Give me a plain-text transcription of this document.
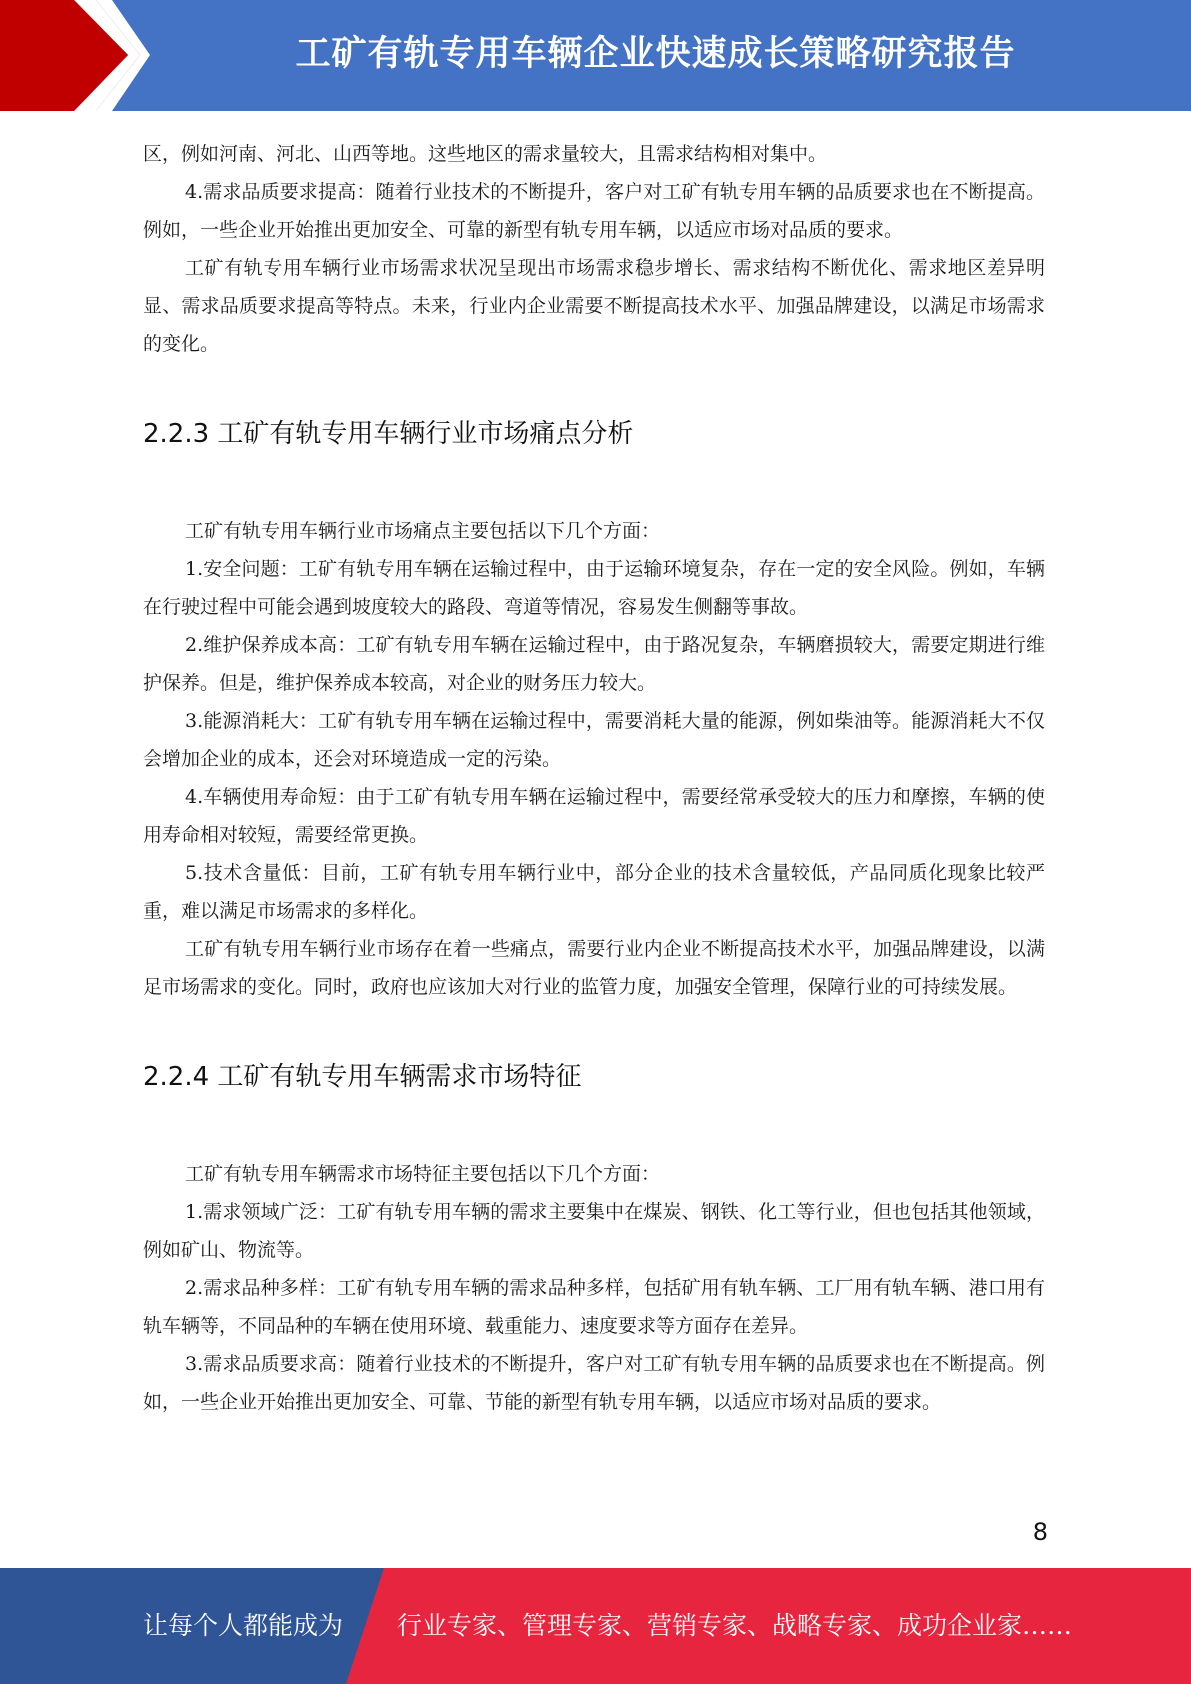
工矿有轨专用车辆企业快速成长策略研究报告

区，例如河南、河北、山西等地。这些地区的需求量较大，且需求结构相对集中。

4.需求品质要求提高：随着行业技术的不断提升，客户对工矿有轨专用车辆的品质要求也在不断提高。例如，一些企业开始推出更加安全、可靠的新型有轨专用车辆，以适应市场对品质的要求。

工矿有轨专用车辆行业市场需求状况呈现出市场需求稳步增长、需求结构不断优化、需求地区差异明显、需求品质要求提高等特点。未来，行业内企业需要不断提高技术水平、加强品牌建设，以满足市场需求的变化。

2.2.3 工矿有轨专用车辆行业市场痛点分析

工矿有轨专用车辆行业市场痛点主要包括以下几个方面：

1.安全问题：工矿有轨专用车辆在运输过程中，由于运输环境复杂，存在一定的安全风险。例如，车辆在行驶过程中可能会遇到坡度较大的路段、弯道等情况，容易发生侧翻等事故。

2.维护保养成本高：工矿有轨专用车辆在运输过程中，由于路况复杂，车辆磨损较大，需要定期进行维护保养。但是，维护保养成本较高，对企业的财务压力较大。

3.能源消耗大：工矿有轨专用车辆在运输过程中，需要消耗大量的能源，例如柴油等。能源消耗大不仅会增加企业的成本，还会对环境造成一定的污染。

4.车辆使用寿命短：由于工矿有轨专用车辆在运输过程中，需要经常承受较大的压力和摩擦，车辆的使用寿命相对较短，需要经常更换。

5.技术含量低：目前，工矿有轨专用车辆行业中，部分企业的技术含量较低，产品同质化现象比较严重，难以满足市场需求的多样化。

工矿有轨专用车辆行业市场存在着一些痛点，需要行业内企业不断提高技术水平，加强品牌建设，以满足市场需求的变化。同时，政府也应该加大对行业的监管力度，加强安全管理，保障行业的可持续发展。

2.2.4 工矿有轨专用车辆需求市场特征

工矿有轨专用车辆需求市场特征主要包括以下几个方面：

1.需求领域广泛：工矿有轨专用车辆的需求主要集中在煤炭、钢铁、化工等行业，但也包括其他领域，例如矿山、物流等。

2.需求品种多样：工矿有轨专用车辆的需求品种多样，包括矿用有轨车辆、工厂用有轨车辆、港口用有轨车辆等，不同品种的车辆在使用环境、载重能力、速度要求等方面存在差异。

3.需求品质要求高：随着行业技术的不断提升，客户对工矿有轨专用车辆的品质要求也在不断提高。例如，一些企业开始推出更加安全、可靠、节能的新型有轨专用车辆，以适应市场对品质的要求。

8
让每个人都能成为 行业专家、管理专家、营销专家、战略专家、成功企业家……
